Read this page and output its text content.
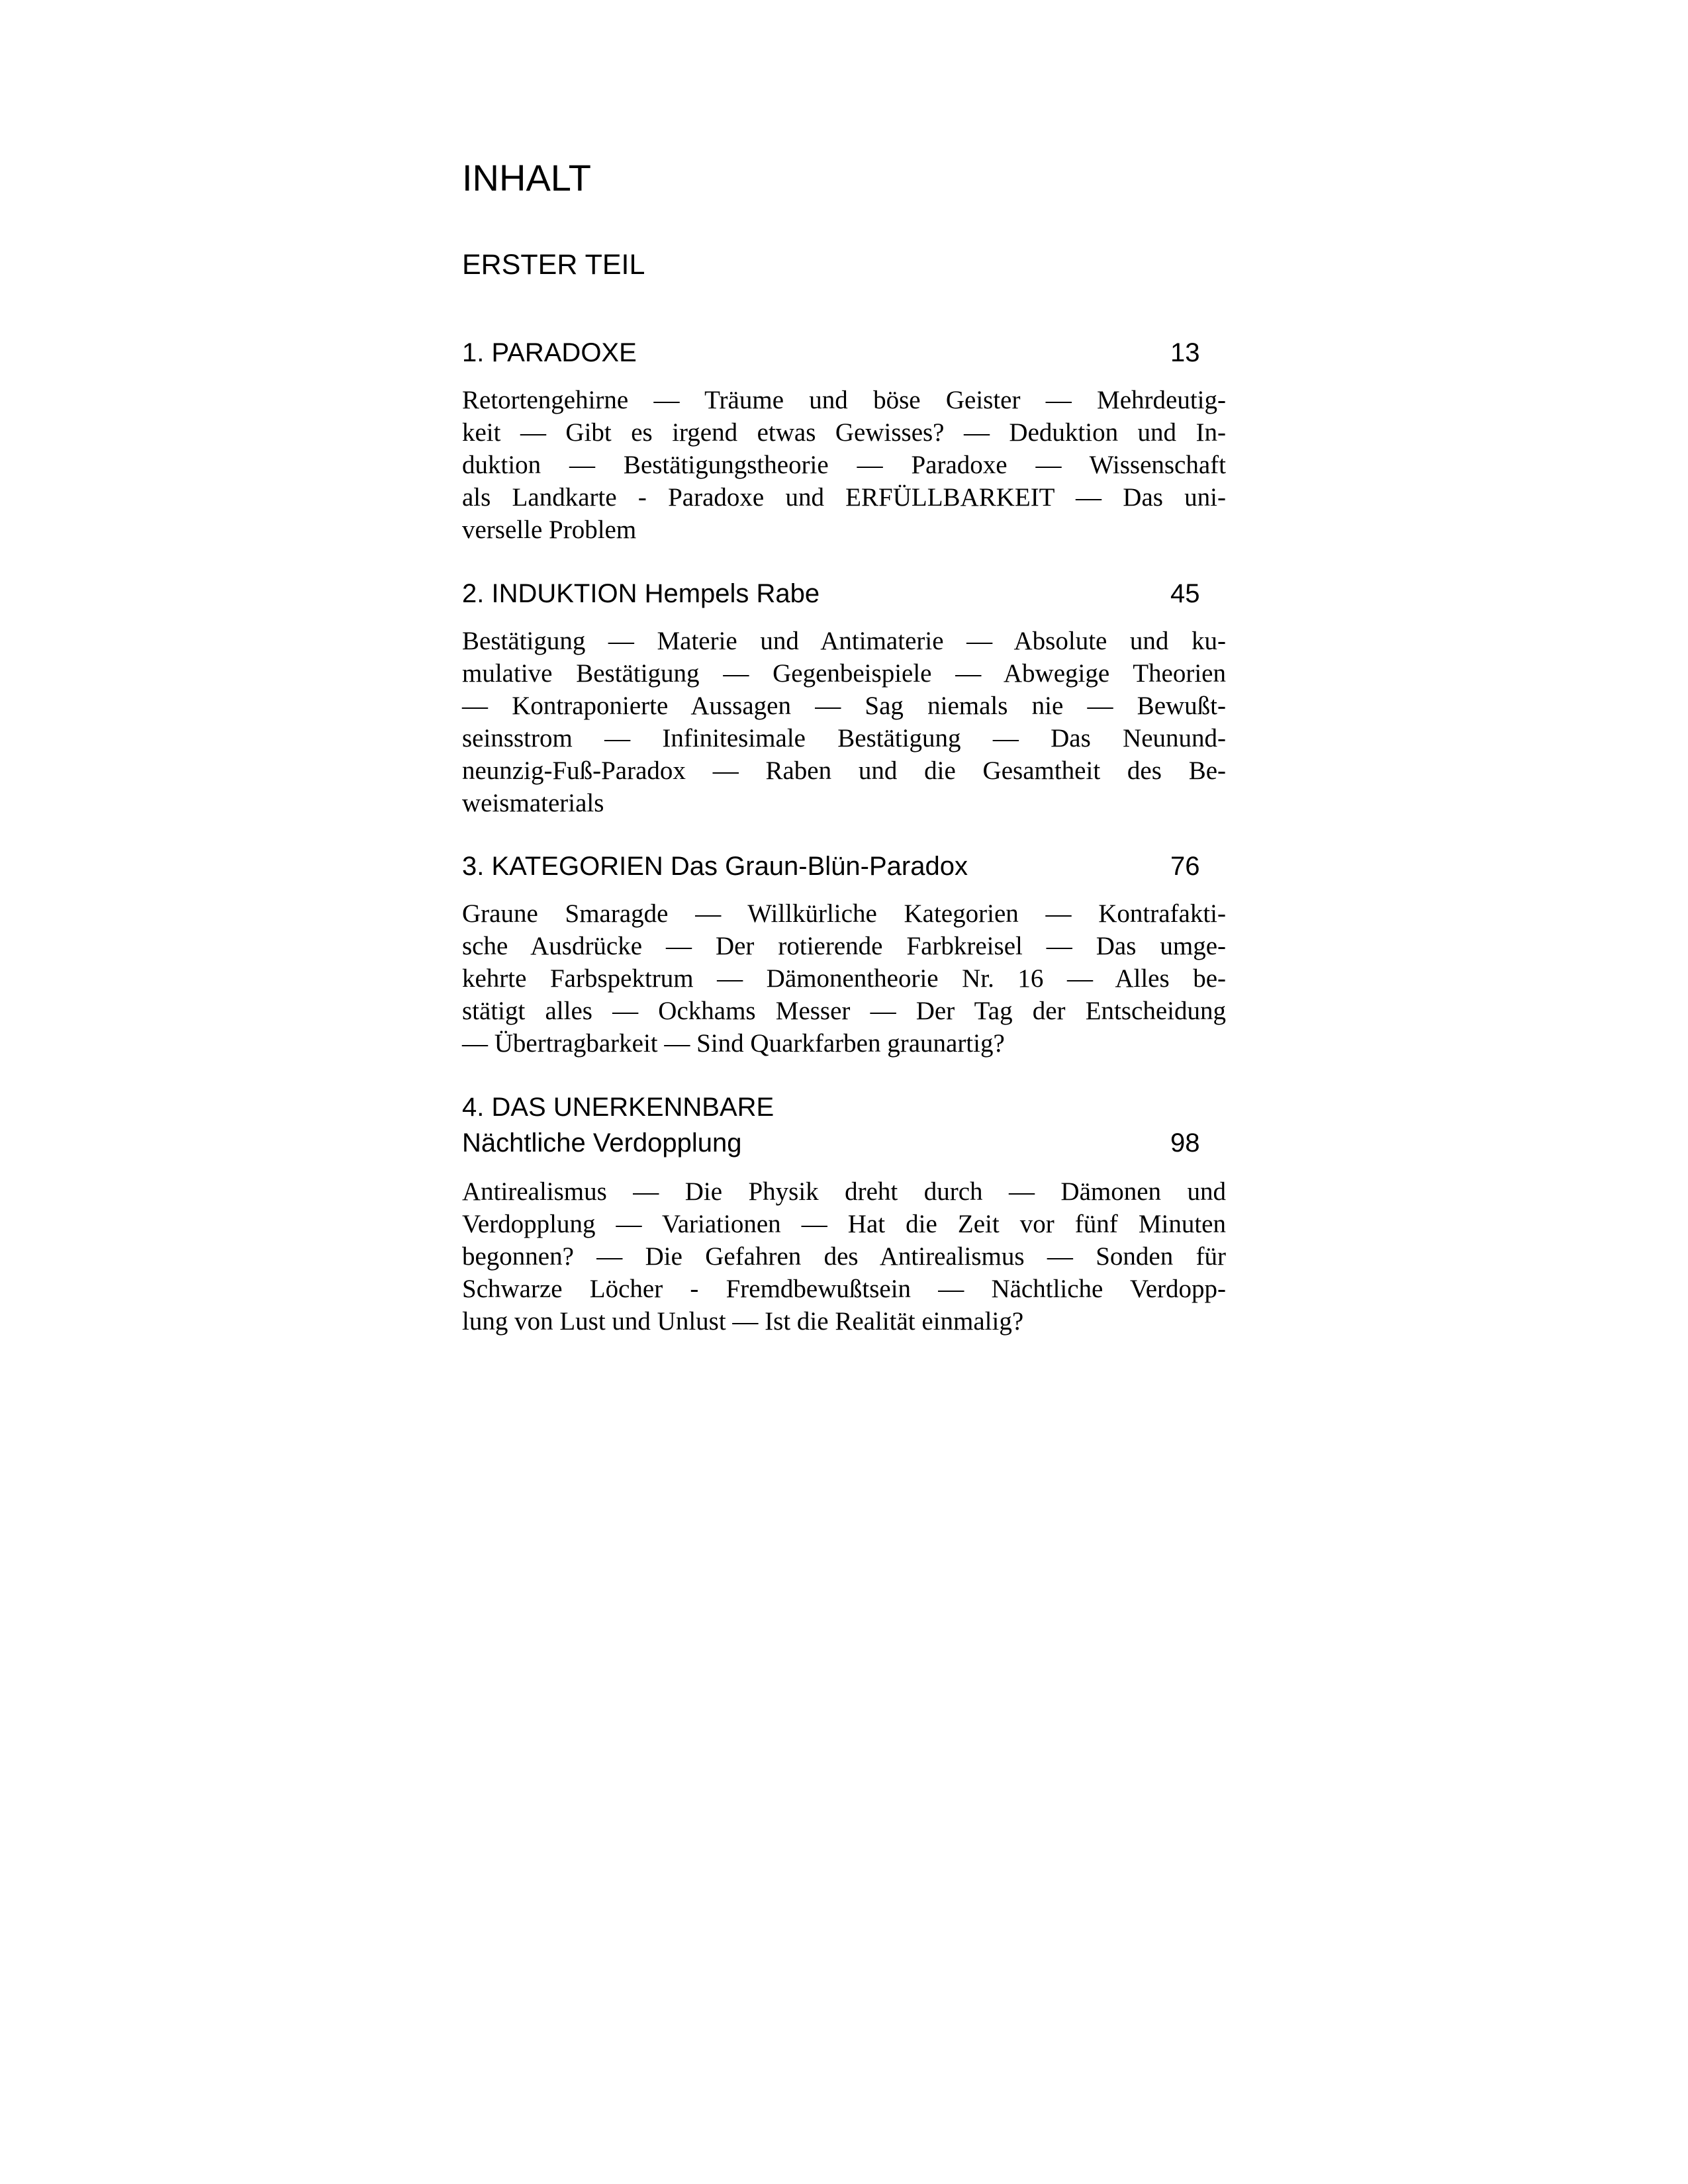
INHALT
ERSTER TEIL
1. PARADOXE	13
Retortengehirne — Träume und böse Geister — Mehrdeutig-
keit — Gibt es irgend etwas Gewisses? — Deduktion und In-
duktion — Bestätigungstheorie — Paradoxe — Wissenschaft
als Landkarte - Paradoxe und ERFÜLLBARKEIT — Das uni-
verselle Problem
2. INDUKTION Hempels Rabe	45
Bestätigung — Materie und Antimaterie — Absolute und ku-
mulative Bestätigung — Gegenbeispiele — Abwegige Theorien
— Kontraponierte Aussagen — Sag niemals nie — Bewußt-
seinsstrom — Infinitesimale Bestätigung — Das Neunund-
neunzig-Fuß-Paradox — Raben und die Gesamtheit des Be-
weismaterials
3. KATEGORIEN Das Graun-Blün-Paradox	76
Graune Smaragde — Willkürliche Kategorien — Kontrafakti-
sche Ausdrücke — Der rotierende Farbkreisel — Das umge-
kehrte Farbspektrum — Dämonentheorie Nr. 16 — Alles be-
stätigt alles — Ockhams Messer — Der Tag der Entscheidung
— Übertragbarkeit — Sind Quarkfarben graunartig?
4. DAS UNERKENNBARE
Nächtliche Verdopplung	98
Antirealismus — Die Physik dreht durch — Dämonen und
Verdopplung — Variationen — Hat die Zeit vor fünf Minuten
begonnen? — Die Gefahren des Antirealismus — Sonden für
Schwarze Löcher - Fremdbewußtsein — Nächtliche Verdopp-
lung von Lust und Unlust — Ist die Realität einmalig?
